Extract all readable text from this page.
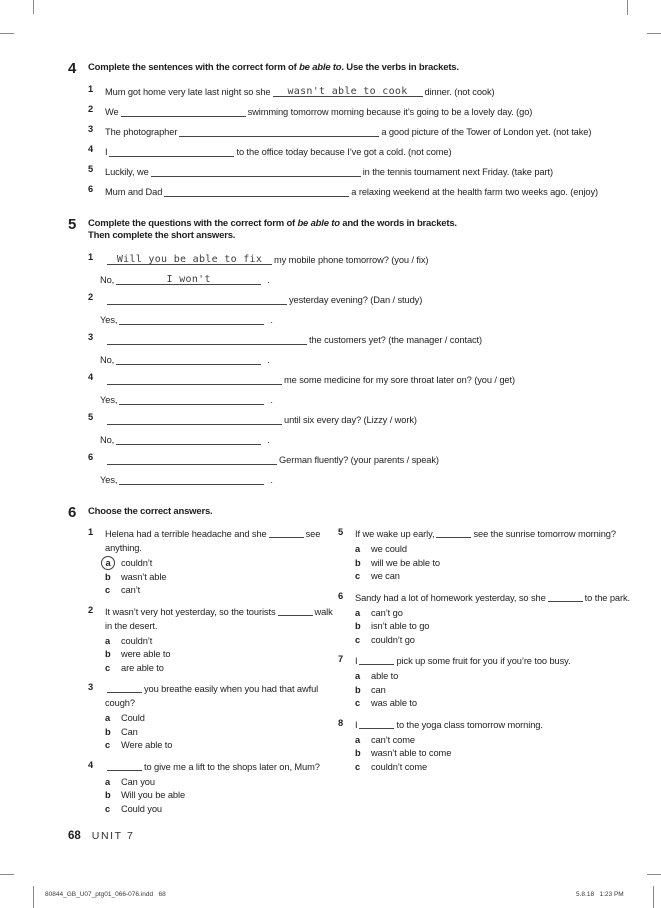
4	Complete the sentences with the correct form of be able to. Use the verbs in brackets.
1	Mum got home very late last night so she	wasn't able to cook	dinner. (not cook)
2	We	swimming tomorrow morning because it’s going to be a lovely day. (go)
3	The photographer	a good picture of the Tower of London yet. (not take)
4	I	to the office today because I’ve got a cold. (not come)
5	Luckily, we	in the tennis tournament next Friday. (take part)
6	Mum and Dad	a relaxing weekend at the health farm two weeks ago. (enjoy)
5	Complete the questions with the correct form of be able to and the words in brackets.
Then complete the short answers.
1	Will you be able to fix	my mobile phone tomorrow? (you / fix)
No,	I won't	.
2	yesterday evening? (Dan / study)
Yes,	.
3	the customers yet? (the manager / contact)
No,	.
4	me some medicine for my sore throat later on? (you / get)
Yes,	.
5	until six every day? (Lizzy / work)
No,	.
6	German fluently? (your parents / speak)
Yes,	.
6	Choose the correct answers.
1	Helena had a terrible headache and she	see anything.
a	couldn’t
b	wasn’t able
c	can’t
2	It wasn’t very hot yesterday, so the tourists	walk in the desert.
a	couldn’t
b	were able to
c	are able to
3	you breathe easily when you had that awful cough?
a	Could
b	Can
c	Were able to
4	to give me a lift to the shops later on, Mum?
a	Can you
b	Will you be able
c	Could you
5	If we wake up early,	see the sunrise tomorrow morning?
a	we could
b	will we be able to
c	we can
6	Sandy had a lot of homework yesterday, so she	to the park.
a	can’t go
b	isn’t able to go
c	couldn’t go
7	I	pick up some fruit for you if you’re too busy.
a	able to
b	can
c	was able to
8	I	to the yoga class tomorrow morning.
a	can’t come
b	wasn’t able to come
c	couldn’t come
68 UNIT 7
80844_GB_U07_ptg01_066-076.indd   68	5.8.18   1:23 PM
